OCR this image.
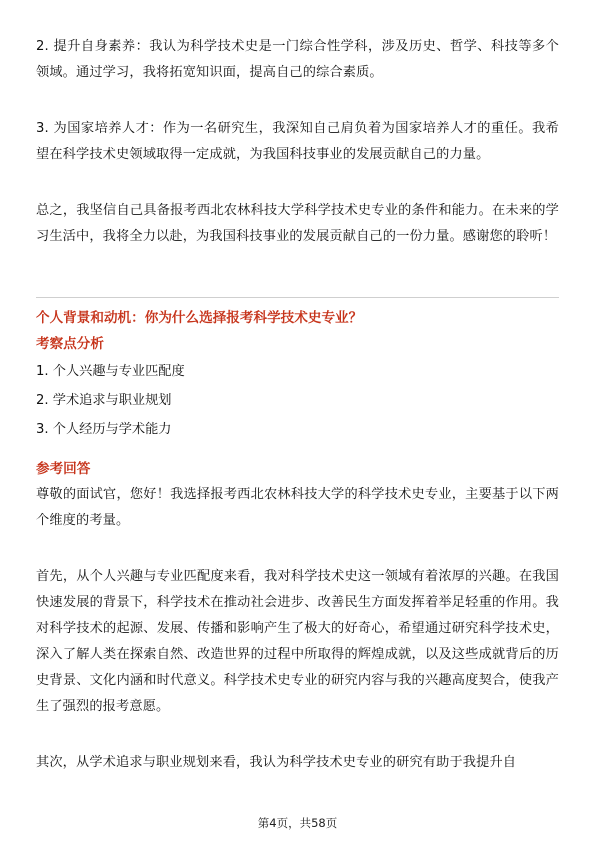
2. 提升自身素养：我认为科学技术史是一门综合性学科，涉及历史、哲学、科技等多个领域。通过学习，我将拓宽知识面，提高自己的综合素质。

3. 为国家培养人才：作为一名研究生，我深知自己肩负着为国家培养人才的重任。我希望在科学技术史领域取得一定成就，为我国科技事业的发展贡献自己的力量。

总之，我坚信自己具备报考西北农林科技大学科学技术史专业的条件和能力。在未来的学习生活中，我将全力以赴，为我国科技事业的发展贡献自己的一份力量。感谢您的聆听！

个人背景和动机：你为什么选择报考科学技术史专业？

考察点分析

1. 个人兴趣与专业匹配度

2. 学术追求与职业规划

3. 个人经历与学术能力

参考回答

尊敬的面试官，您好！我选择报考西北农林科技大学的科学技术史专业，主要基于以下两个维度的考量。

首先，从个人兴趣与专业匹配度来看，我对科学技术史这一领域有着浓厚的兴趣。在我国快速发展的背景下，科学技术在推动社会进步、改善民生方面发挥着举足轻重的作用。我对科学技术的起源、发展、传播和影响产生了极大的好奇心，希望通过研究科学技术史，深入了解人类在探索自然、改造世界的过程中所取得的辉煌成就，以及这些成就背后的历史背景、文化内涵和时代意义。科学技术史专业的研究内容与我的兴趣高度契合，使我产生了强烈的报考意愿。

其次，从学术追求与职业规划来看，我认为科学技术史专业的研究有助于我提升自

第4页，共58页
